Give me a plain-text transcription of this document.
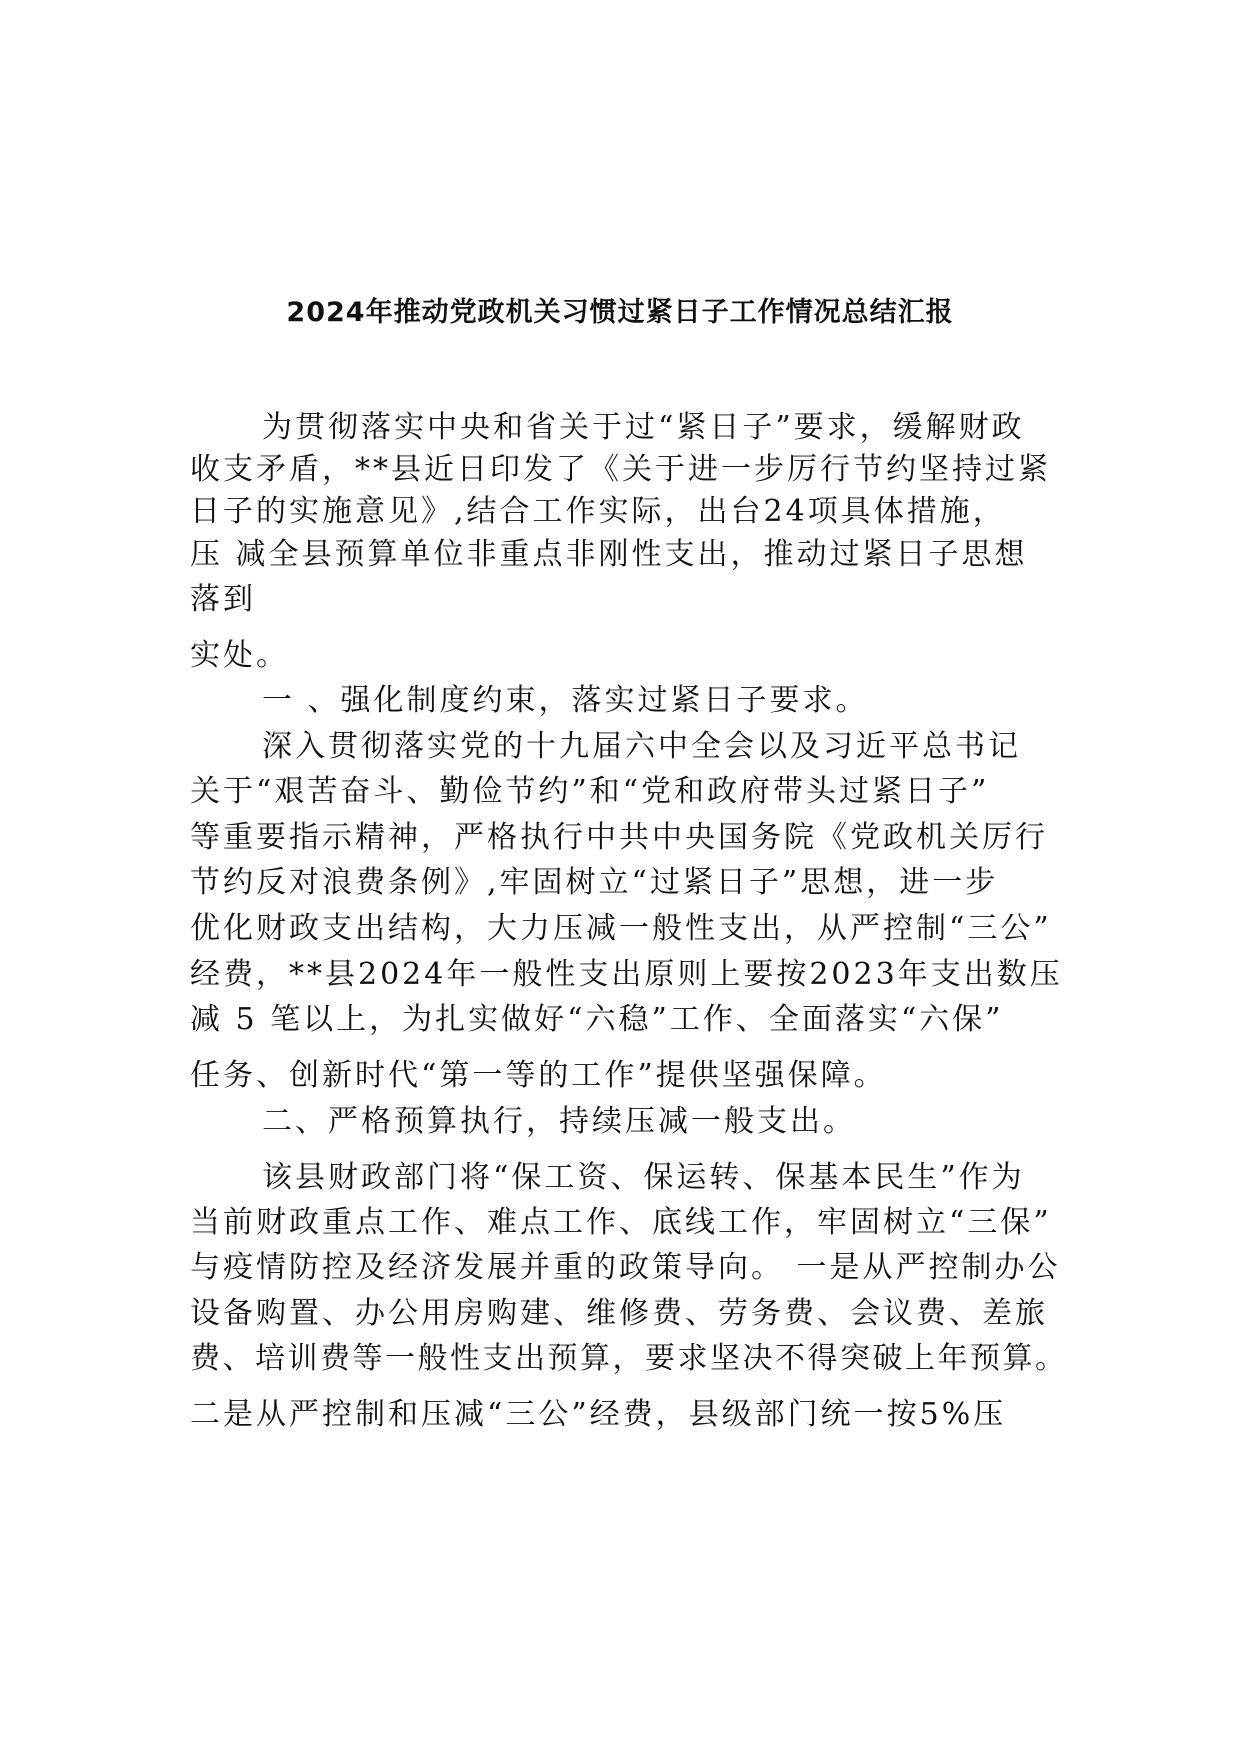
2024年推动党政机关习惯过紧日子工作情况总结汇报

为贯彻落实中央和省关于过“紧日子”要求，缓解财政

收支矛盾，**县近日印发了《关于进一步厉行节约坚持过紧

日子的实施意见》,结合工作实际，出台24项具体措施，

压 减全县预算单位非重点非刚性支出，推动过紧日子思想

落到

实处。

一 、强化制度约束，落实过紧日子要求。

深入贯彻落实党的十九届六中全会以及习近平总书记

关于“艰苦奋斗、勤俭节约”和“党和政府带头过紧日子”

等重要指示精神，严格执行中共中央国务院《党政机关厉行

节约反对浪费条例》,牢固树立“过紧日子”思想，进一步

优化财政支出结构，大力压减一般性支出，从严控制“三公”

经费，**县2024年一般性支出原则上要按2023年支出数压

减 5 笔以上，为扎实做好“六稳”工作、全面落实“六保”

任务、创新时代“第一等的工作”提供坚强保障。

二、严格预算执行，持续压减一般支出。

该县财政部门将“保工资、保运转、保基本民生”作为

当前财政重点工作、难点工作、底线工作，牢固树立“三保”

与疫情防控及经济发展并重的政策导向。 一是从严控制办公

设备购置、办公用房购建、维修费、劳务费、会议费、差旅

费、培训费等一般性支出预算，要求坚决不得突破上年预算。

二是从严控制和压减“三公”经费，县级部门统一按5%压
